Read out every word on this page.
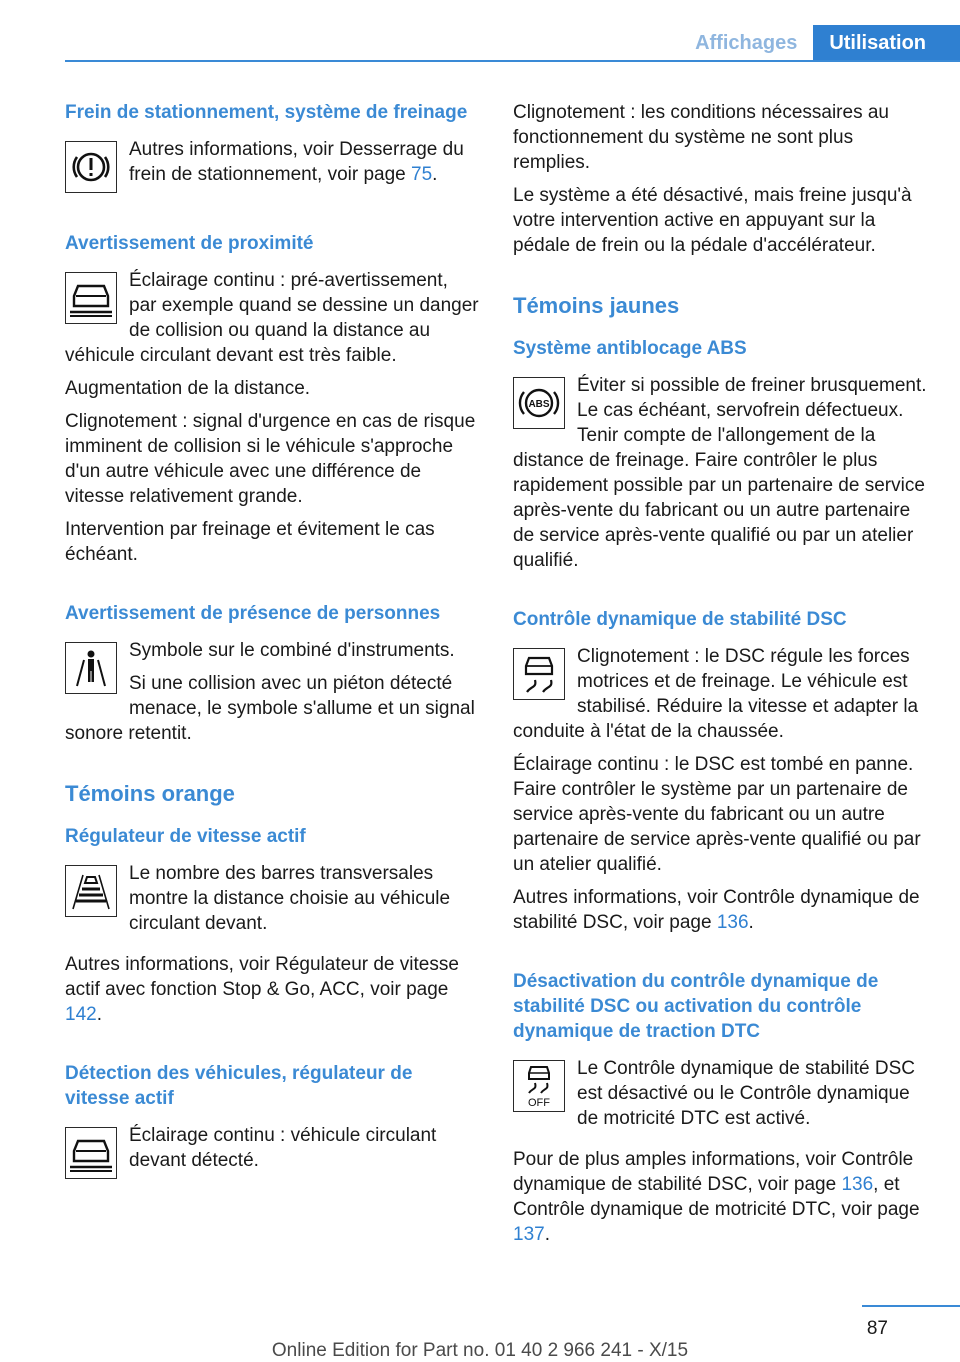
Affichages	Utilisation
Frein de stationnement, système de freinage

Autres informations, voir Desserrage du frein de stationnement, voir page 75.

Avertissement de proximité

Éclairage continu : pré-avertissement, par exemple quand se dessine un danger de collision ou quand la distance au véhicule circulant devant est très faible.

Augmentation de la distance.

Clignotement : signal d'urgence en cas de risque imminent de collision si le véhicule s'approche d'un autre véhicule avec une différence de vitesse relativement grande.

Intervention par freinage et évitement le cas échéant.

Avertissement de présence de personnes

Symbole sur le combiné d'instruments.

Si une collision avec un piéton détecté menace, le symbole s'allume et un signal sonore retentit.

Témoins orange
Régulateur de vitesse actif

Le nombre des barres transversales montre la distance choisie au véhicule circulant devant.

Autres informations, voir Régulateur de vitesse actif avec fonction Stop & Go, ACC, voir page 142.

Détection des véhicules, régulateur de vitesse actif

Éclairage continu : véhicule circulant devant détecté.

Clignotement : les conditions nécessaires au fonctionnement du système ne sont plus remplies.

Le système a été désactivé, mais freine jusqu'à votre intervention active en appuyant sur la pédale de frein ou la pédale d'accélérateur.

Témoins jaunes
Système antiblocage ABS
ABS

Éviter si possible de freiner brusquement. Le cas échéant, servofrein défectueux. Tenir compte de l'allongement de la distance de freinage. Faire contrôler le plus rapidement possible par un partenaire de service après-vente du fabricant ou un autre partenaire de service après-vente qualifié ou par un atelier qualifié.

Contrôle dynamique de stabilité DSC

Clignotement : le DSC régule les forces motrices et de freinage. Le véhicule est stabilisé. Réduire la vitesse et adapter la conduite à l'état de la chaussée.

Éclairage continu : le DSC est tombé en panne. Faire contrôler le système par un partenaire de service après-vente du fabricant ou un autre partenaire de service après-vente qualifié ou par un atelier qualifié.

Autres informations, voir Contrôle dynamique de stabilité DSC, voir page 136.

Désactivation du contrôle dynamique de stabilité DSC ou activation du contrôle dynamique de traction DTC
OFF

Le Contrôle dynamique de stabilité DSC est désactivé ou le Contrôle dynamique de motricité DTC est activé.

Pour de plus amples informations, voir Contrôle dynamique de stabilité DSC, voir page 136, et Contrôle dynamique de motricité DTC, voir page 137.

87
Online Edition for Part no. 01 40 2 966 241 - X/15
